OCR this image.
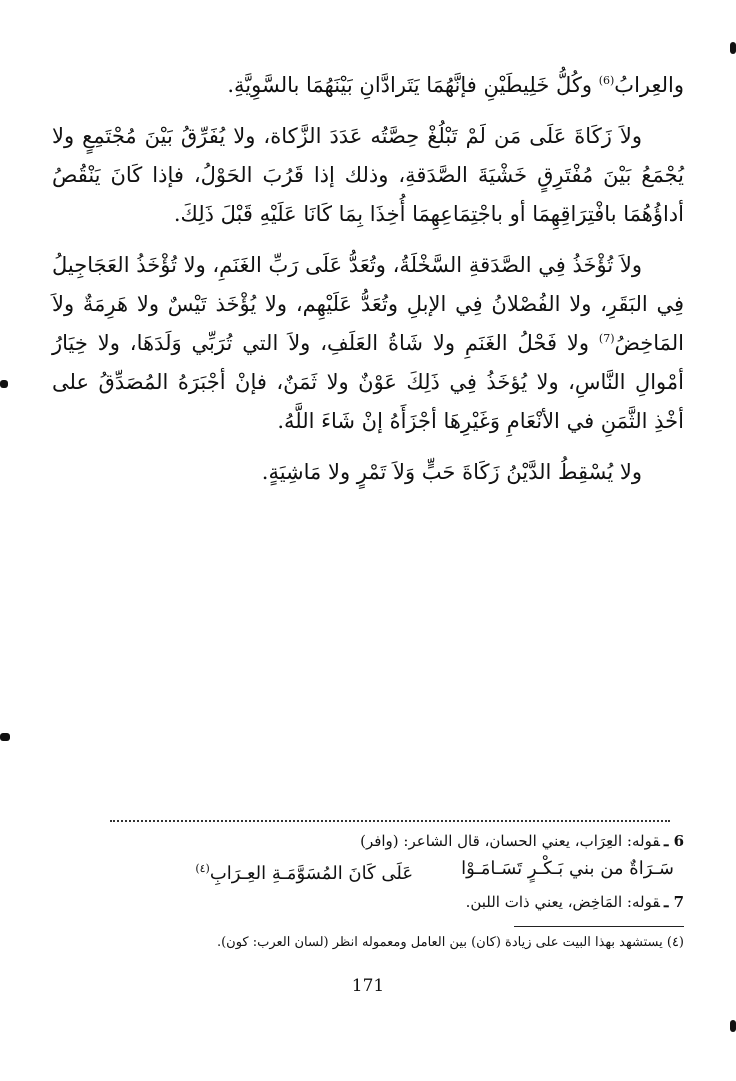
والعِرابُ$^{(6)}$ وكُلُّ خَلِيطَيْنِ فإنَّهُمَا يَتَرادَّانِ بَيْنَهُمَا بالسَّوِيَّةِ.

ولاَ زَكَاةَ عَلَى مَن لَمْ تَبْلُغْ حِصَّتُه عَدَدَ الزَّكاة، ولا يُفَرِّقُ بَيْنَ مُجْتَمِعٍ ولا يُجْمَعُ بَيْنَ مُفْتَرِقٍ خَشْيَةَ الصَّدَقةِ، وذلك إذا قَرُبَ الحَوْلُ، فإذا كَانَ يَنْقُصُ أداؤُهُمَا بافْتِرَاقِهِمَا أو باجْتِمَاعِهِمَا أُخِذَا بِمَا كَانَا عَلَيْهِ قَبْلَ ذَلِكَ.

ولاَ تُؤْخَذُ فِي الصَّدَقةِ السَّخْلَةُ، وتُعَدُّ عَلَى رَبِّ الغَنَمِ، ولا تُؤْخَذُ العَجَاجِيلُ فِي البَقَرِ، ولا الفُصْلانُ فِي الإبلِ وتُعَدُّ عَلَيْهِم، ولا يُؤْخَذ تَيْسٌ ولا هَرِمَةٌ ولاَ المَاخِضُ$^{(7)}$ ولا فَحْلُ الغَنَمِ ولا شَاةُ العَلَفِ، ولاَ التي تُرَبِّي وَلَدَهَا، ولا خِيَارُ أمْوالِ النَّاسِ، ولا يُؤخَذُ فِي ذَلِكَ عَوْنٌ ولا ثَمَنٌ، فإنْ أجْبَرَهُ المُصَدِّقُ على أخْذِ الثَّمَنِ في الأنْعَامِ وَغَيْرِهَا أجْزَأَهُ إنْ شَاءَ اللَّهُ.

ولا يُسْقِطُ الدَّيْنُ زَكَاةَ حَبٍّ وَلاَ تَمْرٍ ولا مَاشِيَةٍ.

6 ـقوله: العِرَاب، يعني الحسان، قال الشاعر: (وافر)

سَـرَاةٌ من بني بَـكْـرٍ تَسَـامَـوْا
عَلَى كَانَ المُسَوَّمَـةِ العِـرَابِ$^{(٤)}$

7 ـقوله: المَاخِض، يعني ذات اللبن.

(٤) يستشهد بهذا البيت على زيادة (كان) بين العامل ومعموله انظر (لسان العرب: كون).
171
